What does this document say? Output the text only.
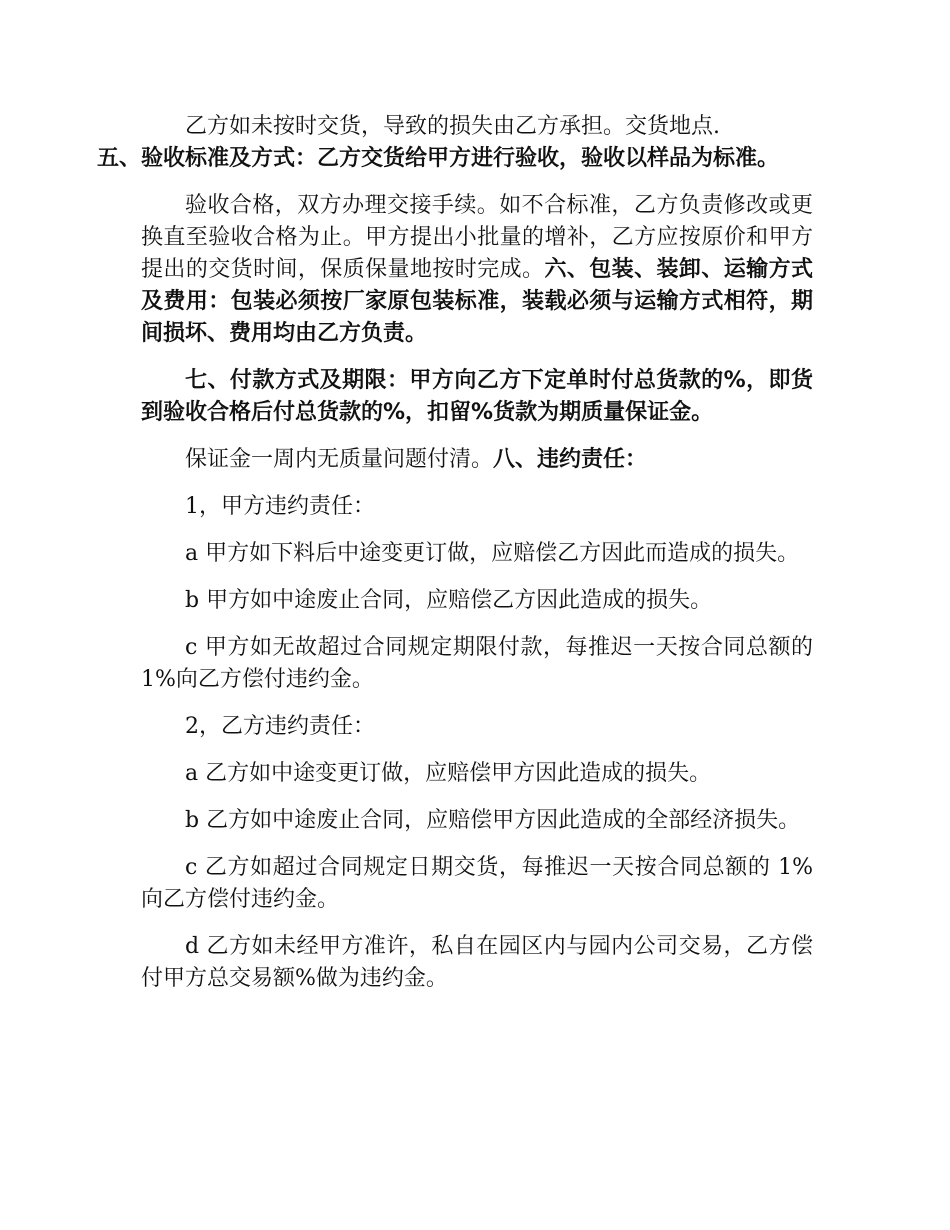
乙方如未按时交货，导致的损失由乙方承担。交货地点.
五、验收标准及方式：乙方交货给甲方进行验收，验收以样品为标准。

验收合格，双方办理交接手续。如不合标准，乙方负责修改或更换直至验收合格为止。甲方提出小批量的增补，乙方应按原价和甲方提出的交货时间，保质保量地按时完成。六、包装、装卸、运输方式及费用：包装必须按厂家原包装标准，装载必须与运输方式相符，期间损坏、费用均由乙方负责。

七、付款方式及期限：甲方向乙方下定单时付总货款的%，即货到验收合格后付总货款的%，扣留%货款为期质量保证金。

保证金一周内无质量问题付清。八、违约责任：

1，甲方违约责任：

a 甲方如下料后中途变更订做，应赔偿乙方因此而造成的损失。

b 甲方如中途废止合同，应赔偿乙方因此造成的损失。

c 甲方如无故超过合同规定期限付款，每推迟一天按合同总额的 1%向乙方偿付违约金。

2，乙方违约责任：

a 乙方如中途变更订做，应赔偿甲方因此造成的损失。

b 乙方如中途废止合同，应赔偿甲方因此造成的全部经济损失。

c 乙方如超过合同规定日期交货，每推迟一天按合同总额的 1%向乙方偿付违约金。

d 乙方如未经甲方准许，私自在园区内与园内公司交易，乙方偿付甲方总交易额%做为违约金。
